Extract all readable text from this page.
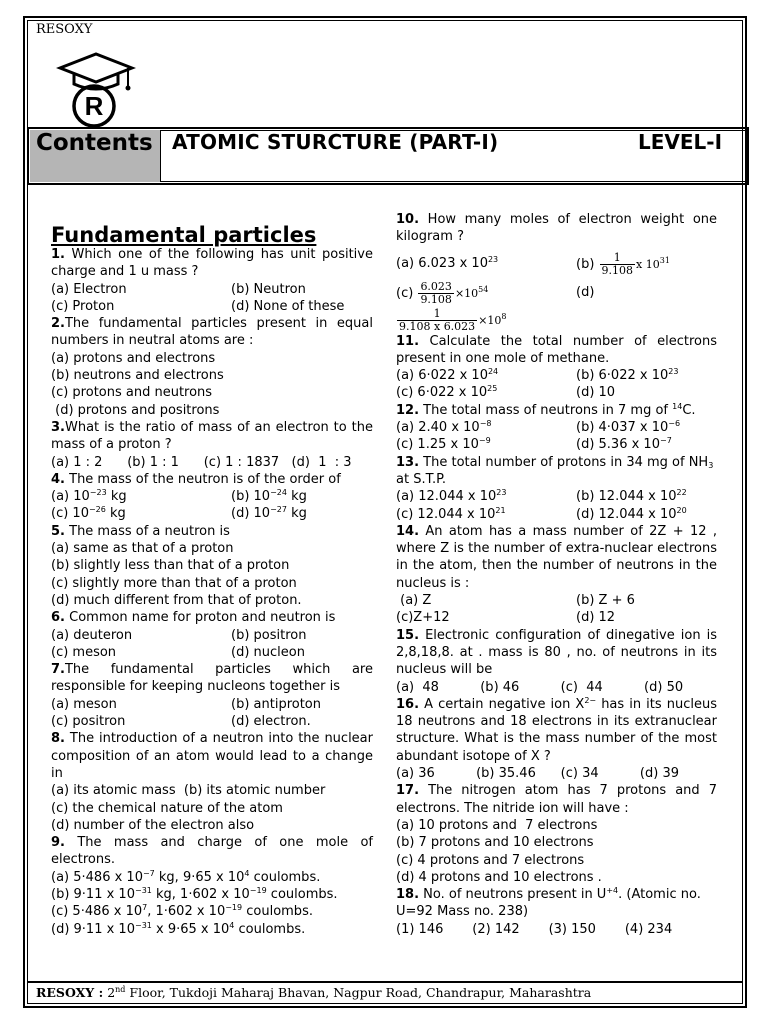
RESOXY
R
Contents ATOMIC STURCTURE (PART-I)	LEVEL-I
Fundamental particles
1. Which one of the following has unit positive charge and 1 u mass ?
(a) Electron	(b) Neutron
(c) Proton	(d) None of these
2.The fundamental particles present in equal numbers in neutral atoms are :
(a) protons and electrons
(b) neutrons and electrons
(c) protons and neutrons
(d) protons and positrons
3.What is the ratio of mass of an electron to the mass of a proton ?
(a) 1 : 2      (b) 1 : 1      (c) 1 : 1837   (d)  1  : 3
4. The mass of the neutron is of the order of
(a) $10^{-23}$ kg	(b) $10^{-24}$ kg
(c) $10^{-26}$ kg	(d) $10^{-27}$ kg
5. The mass of a neutron is
(a) same as that of a proton
(b) slightly less than that of a proton
(c) slightly more than that of a proton
(d) much different from that of proton.
6. Common name for proton and neutron is
(a) deuteron	(b) positron
(c) meson	(d) nucleon
7.The fundamental particles which are responsible for keeping nucleons together is
(a) meson	(b) antiproton
(c) positron	(d) electron.
8. The introduction of a neutron into the nuclear composition of an atom would lead to a change in
(a) its atomic mass  (b) its atomic number
(c) the chemical nature of the atom
(d) number of the electron also
9. The mass and charge of one mole of electrons.
(a) 5·486 x $10^{-7}$ kg, 9·65 x $10^4$ coulombs.
(b) 9·11 x $10^{-31}$ kg, 1·602 x $10^{-19}$ coulombs.
(c) 5·486 x $10^7$, 1·602 x $10^{-19}$ coulombs.
(d) 9·11 x $10^{-31}$ x 9·65 x $10^4$ coulombs.
10. How many moles of electron weight one kilogram ?
(a) 6.023 x $10^{23}$	$(b) \frac{1}{9.108}$ x $10^{31}$
$(c) \frac{6.023}{9.108} \times 10^{54}$	(d)
$\frac{1}{9.108 x 6.023} \times 10^8$
11. Calculate the total number of electrons present in one mole of methane.
(a) 6·022 x $10^{24}$	(b) 6·022 x $10^{23}$
(c) 6·022 x $10^{25}$	(d) 10
12. The total mass of neutrons in 7 mg of $^{14}$C.
(a) 2.40 x $10^{-8}$	(b) 4·037 x $10^{-6}$
(c) 1.25 x $10^{-9}$	(d) 5.36 x $10^{-7}$
13. The total number of protons in 34 mg of $NH_3$ at S.T.P.
(a) 12.044 x $10^{23}$	(b) 12.044 x $10^{22}$
(c) 12.044 x $10^{21}$	(d) 12.044 x $10^{20}$
14. An atom has a mass number of 2Z + 12 , where Z is the number of extra-nuclear electrons in the atom, then the number of neutrons in the nucleus is :
(a) Z	(b) Z + 6
(c)Z+12	(d) 12
15. Electronic configuration of dinegative ion is 2,8,18,8. at . mass is 80 , no. of neutrons in its nucleus will be
(a)  48          (b) 46          (c)  44          (d) 50
16. A certain negative ion $X^{2-}$ has in its nucleus 18 neutrons and 18 electrons in its extranuclear structure. What is the mass number of the most abundant isotope of X ?
(a) 36          (b) 35.46      (c) 34          (d) 39
17. The nitrogen atom has 7 protons and 7 electrons. The nitride ion will have :
(a) 10 protons and  7 electrons
(b) 7 protons and 10 electrons
(c) 4 protons and 7 electrons
(d) 4 protons and 10 electrons .
18. No. of neutrons present in $U^{+4}$. (Atomic no. U=92 Mass no. 238)
(1) 146       (2) 142       (3) 150       (4) 234
RESOXY : 2nd Floor, Tukdoji Maharaj Bhavan, Nagpur Road, Chandrapur, Maharashtra
